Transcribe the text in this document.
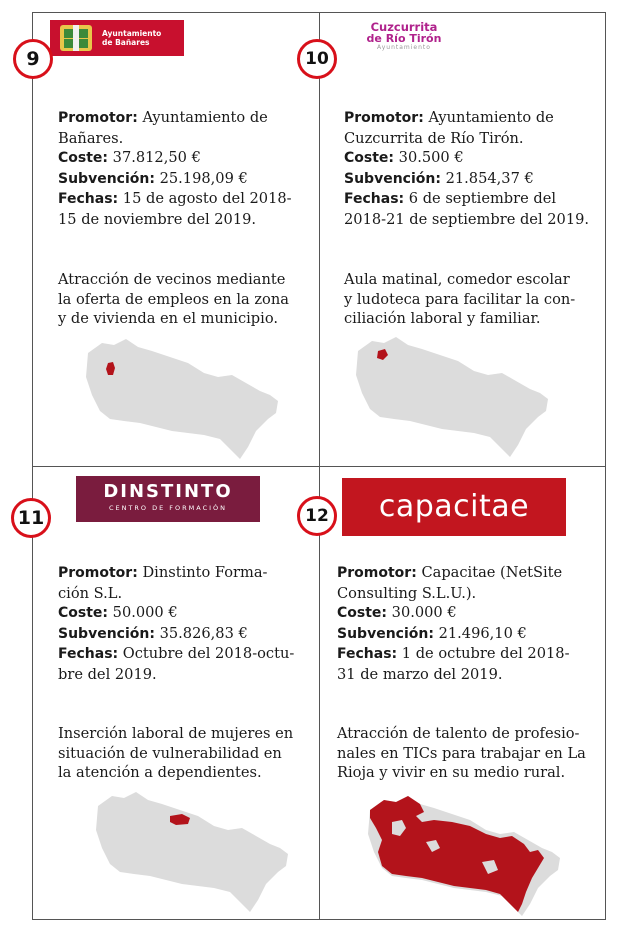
Ayuntamiento
de Bañares
9
Promotor: Ayuntamiento de
Bañares.
Coste: 37.812,50 €
Subvención: 25.198,09 €
Fechas: 15 de agosto del 2018-
15 de noviembre del 2019.
Atracción de vecinos mediante
la oferta de empleos en la zona
y de vivienda en el municipio.
Cuzcurrita
de Río Tirón
Ayuntamiento
10
Promotor: Ayuntamiento de
Cuzcurrita de Río Tirón.
Coste: 30.500 €
Subvención: 21.854,37 €
Fechas: 6 de septiembre del
2018-21 de septiembre del 2019.
Aula matinal, comedor escolar
y ludoteca para facilitar la con-
ciliación laboral y familiar.
DINSTINTO
CENTRO DE FORMACIÓN
11
Promotor: Dinstinto Forma-
ción S.L.
Coste: 50.000 €
Subvención: 35.826,83 €
Fechas: Octubre del 2018-octu-
bre del 2019.
Inserción laboral de mujeres en
situación de vulnerabilidad en
la atención a dependientes.
capacitae
12
Promotor: Capacitae (NetSite
Consulting S.L.U.).
Coste: 30.000 €
Subvención: 21.496,10 €
Fechas: 1 de octubre del 2018-
31 de marzo del 2019.
Atracción de talento de profesio-
nales en TICs para trabajar en La
Rioja y vivir en su medio rural.
